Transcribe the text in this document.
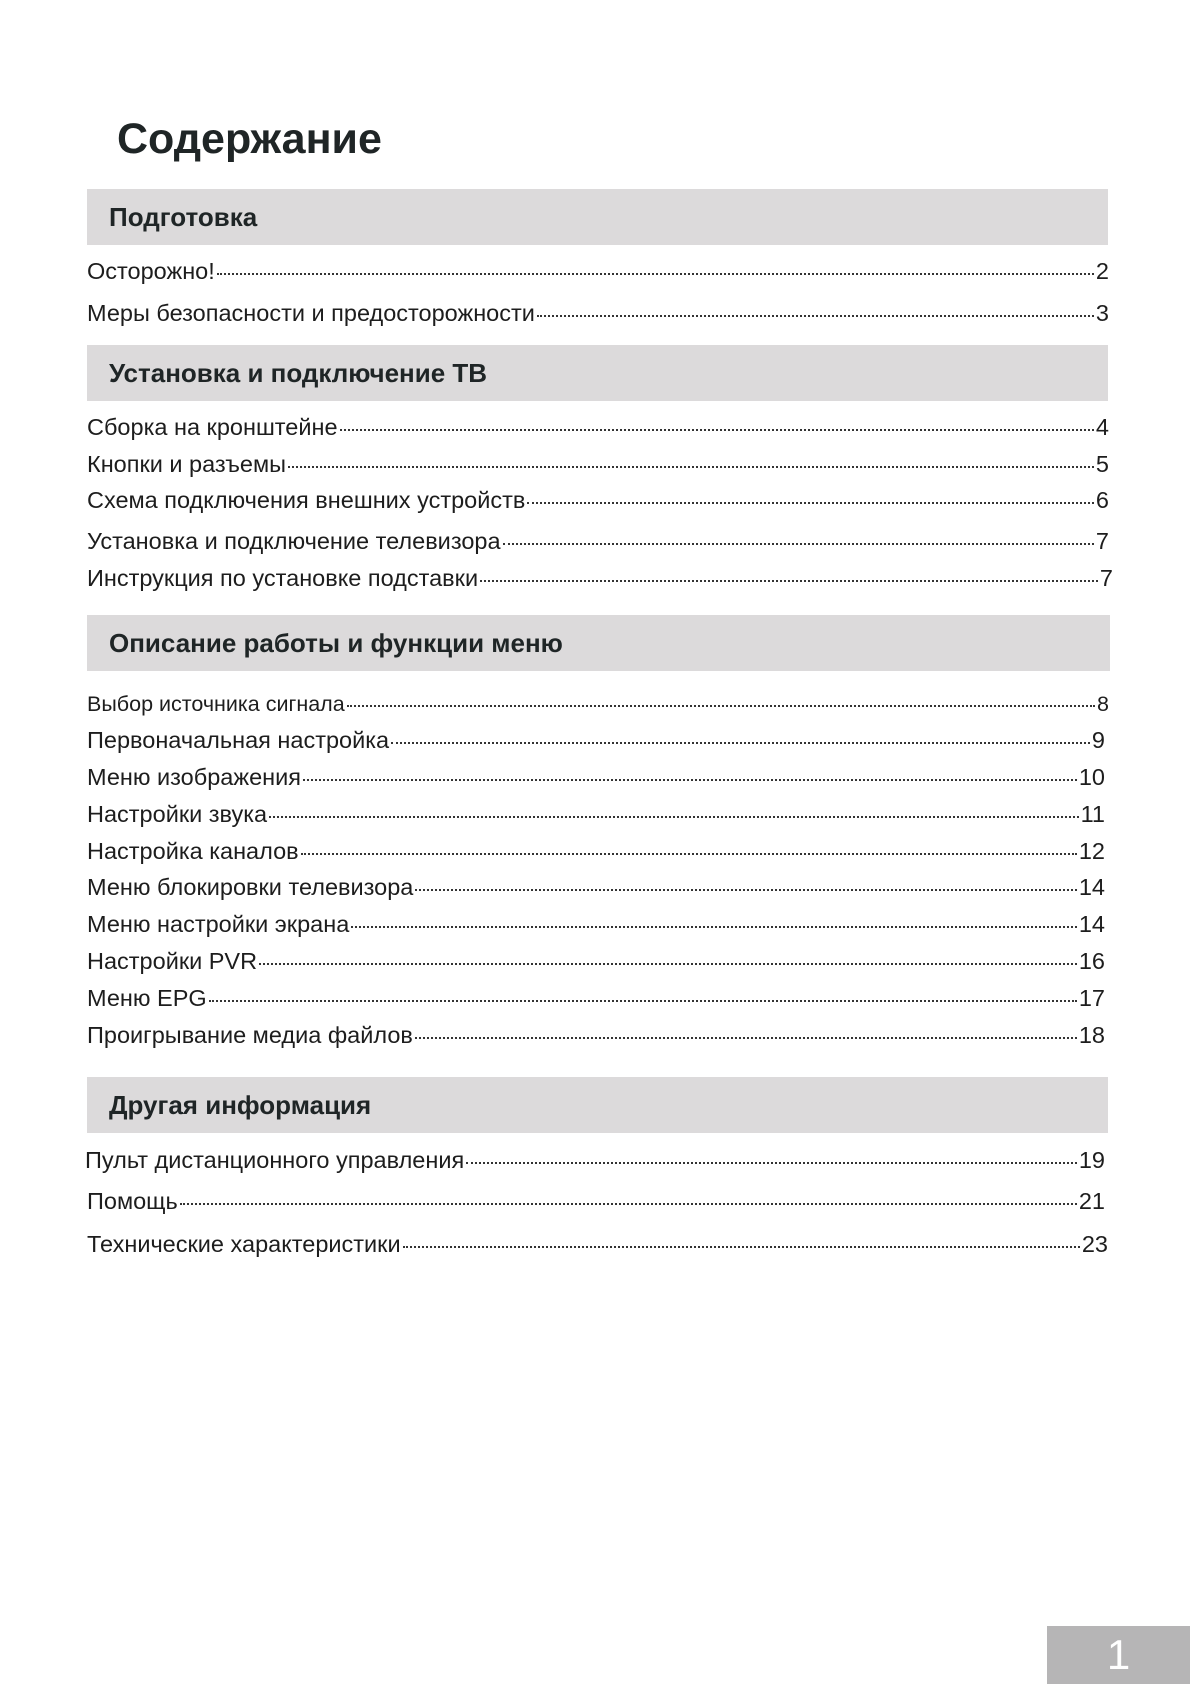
Содержание
Подготовка
Осторожно!	2
Меры безопасности и предосторожности	3
Установка и подключение ТВ
Сборка на кронштейне	4
Кнопки и разъемы	5
Схема подключения внешних устройств	6
Установка и подключение телевизора	7
Инструкция по установке подставки	7
Описание работы и функции меню
Выбор источника сигнала	8
Первоначальная настройка	9
Меню изображения	10
Настройки звука	11
Настройка каналов	12
Меню блокировки телевизора	14
Меню настройки экрана	14
Настройки PVR	16
Меню EPG	17
Проигрывание медиа файлов	18
Другая информация
Пульт дистанционного управления	19
Помощь	21
Технические характеристики	23
1
